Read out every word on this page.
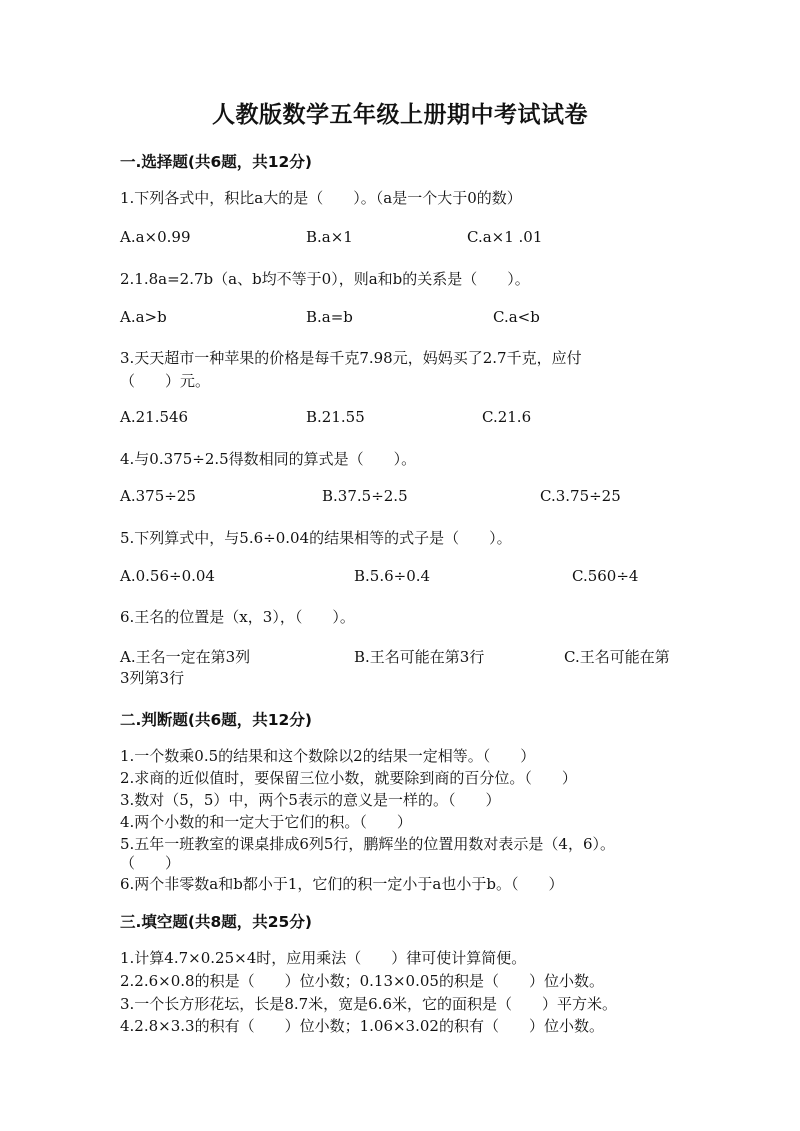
人教版数学五年级上册期中考试试卷
一.选择题(共6题，共12分)
1.下列各式中，积比a大的是（　　）。（a是一个大于0的数）
A.a×0.99	B.a×1	C.a×1 .01
2.1.8a=2.7b（a、b均不等于0），则a和b的关系是（　　）。
A.a>b	B.a=b	C.a<b
3.天天超市一种苹果的价格是每千克7.98元，妈妈买了2.7千克，应付
（　　）元。
A.21.546	B.21.55	C.21.6
4.与0.375÷2.5得数相同的算式是（　　）。
A.375÷25	B.37.5÷2.5	C.3.75÷25
5.下列算式中，与5.6÷0.04的结果相等的式子是（　　）。
A.0.56÷0.04	B.5.6÷0.4	C.560÷4
6.王名的位置是（x，3），（　　）。
A.王名一定在第3列	B.王名可能在第3行	C.王名可能在第
3列第3行
二.判断题(共6题，共12分)
1.一个数乘0.5的结果和这个数除以2的结果一定相等。（　　）
2.求商的近似值时，要保留三位小数，就要除到商的百分位。（　　）
3.数对（5，5）中，两个5表示的意义是一样的。（　　）
4.两个小数的和一定大于它们的积。（　　）
5.五年一班教室的课桌排成6列5行，鹏辉坐的位置用数对表示是（4，6）。
（　　）
6.两个非零数a和b都小于1，它们的积一定小于a也小于b。（　　）
三.填空题(共8题，共25分)
1.计算4.7×0.25×4时，应用乘法（　　）律可使计算简便。
2.2.6×0.8的积是（　　）位小数；0.13×0.05的积是（　　）位小数。
3.一个长方形花坛，长是8.7米，宽是6.6米，它的面积是（　　）平方米。
4.2.8×3.3的积有（　　）位小数；1.06×3.02的积有（　　）位小数。
